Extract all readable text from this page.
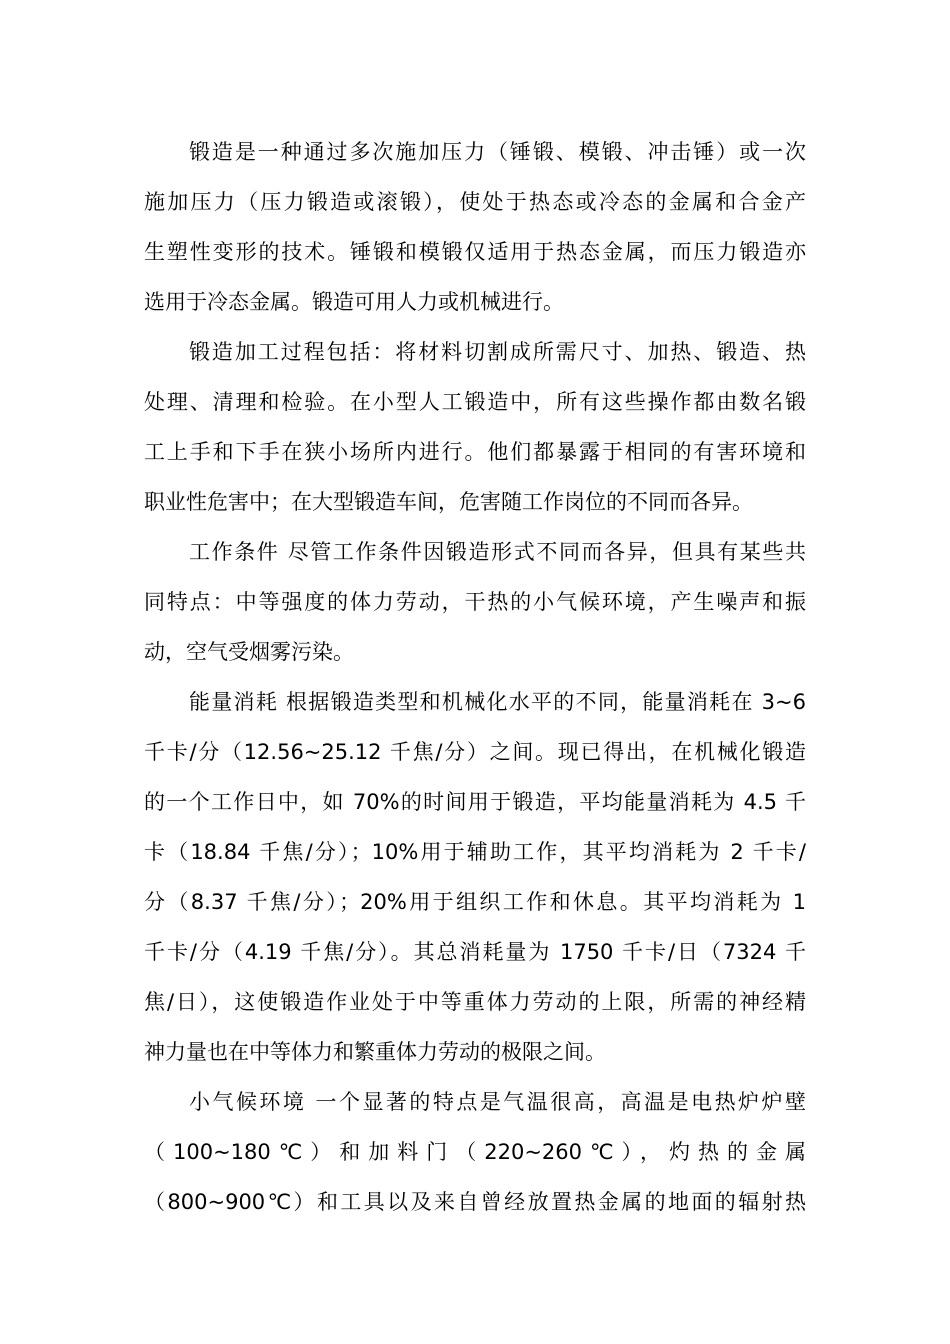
锻造是一种通过多次施加压力（锤锻、模锻、冲击锤）或一次
施加压力（压力锻造或滚锻），使处于热态或冷态的金属和合金产
生塑性变形的技术。锤锻和模锻仅适用于热态金属，而压力锻造亦
选用于冷态金属。锻造可用人力或机械进行。
锻造加工过程包括：将材料切割成所需尺寸、加热、锻造、热
处理、清理和检验。在小型人工锻造中，所有这些操作都由数名锻
工上手和下手在狭小场所内进行。他们都暴露于相同的有害环境和
职业性危害中；在大型锻造车间，危害随工作岗位的不同而各异。
工作条件 尽管工作条件因锻造形式不同而各异，但具有某些共
同特点：中等强度的体力劳动，干热的小气候环境，产生噪声和振
动，空气受烟雾污染。
能量消耗 根据锻造类型和机械化水平的不同，能量消耗在 3~6
千卡/分（12.56~25.12 千焦/分）之间。现已得出，在机械化锻造
的一个工作日中，如 70%的时间用于锻造，平均能量消耗为 4.5 千
卡（18.84 千焦/分）；10%用于辅助工作，其平均消耗为 2 千卡/
分（8.37 千焦/分）；20%用于组织工作和休息。其平均消耗为 1
千卡/分（4.19 千焦/分）。其总消耗量为 1750 千卡/日（7324 千
焦/日），这使锻造作业处于中等重体力劳动的上限，所需的神经精
神力量也在中等体力和繁重体力劳动的极限之间。
小气候环境 一个显著的特点是气温很高，高温是电热炉炉壁
（100~180℃）和加料门（220~260℃），灼热的金属
（800~900℃）和工具以及来自曾经放置热金属的地面的辐射热
